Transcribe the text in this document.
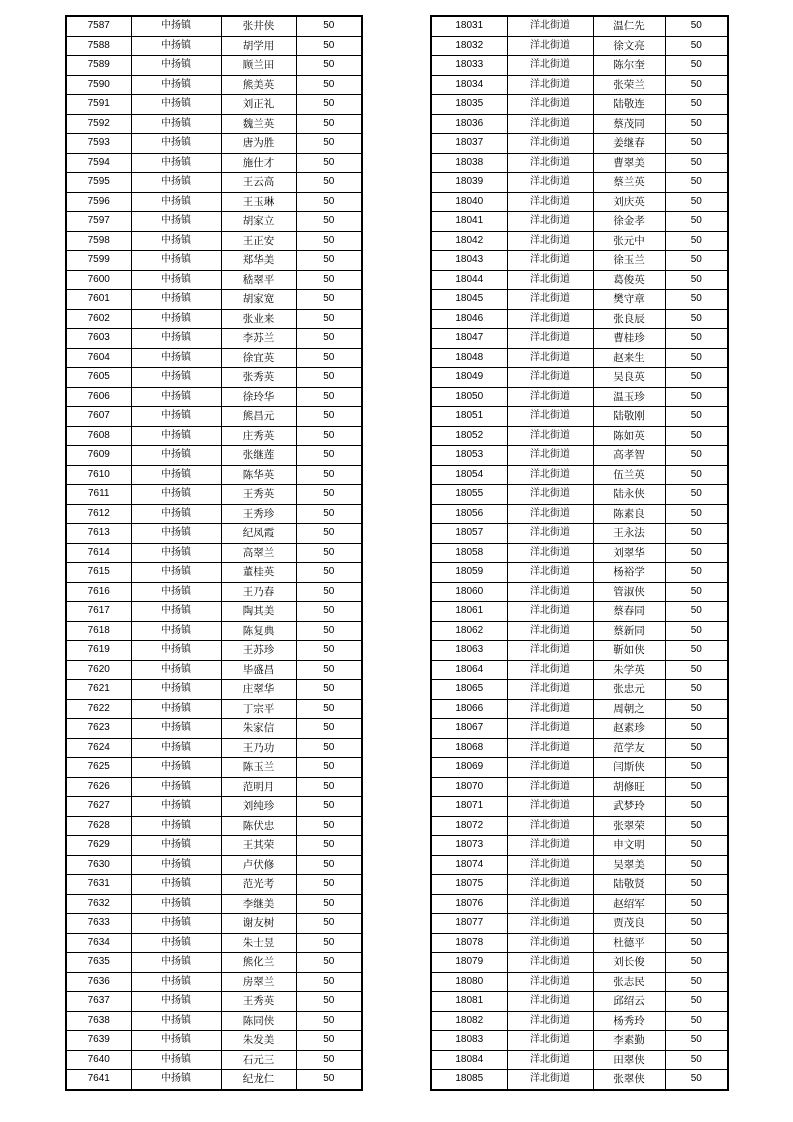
7587	中扬镇	张井侠	50
7588	中扬镇	胡学用	50
7589	中扬镇	顾兰田	50
7590	中扬镇	熊美英	50
7591	中扬镇	刘正礼	50
7592	中扬镇	魏兰英	50
7593	中扬镇	唐为胜	50
7594	中扬镇	施仕才	50
7595	中扬镇	王云高	50
7596	中扬镇	王玉琳	50
7597	中扬镇	胡家立	50
7598	中扬镇	王正安	50
7599	中扬镇	郑华美	50
7600	中扬镇	嵇翠平	50
7601	中扬镇	胡家宽	50
7602	中扬镇	张业来	50
7603	中扬镇	李苏兰	50
7604	中扬镇	徐宜英	50
7605	中扬镇	张秀英	50
7606	中扬镇	徐玲华	50
7607	中扬镇	熊昌元	50
7608	中扬镇	庄秀英	50
7609	中扬镇	张继莲	50
7610	中扬镇	陈华英	50
7611	中扬镇	王秀英	50
7612	中扬镇	王秀珍	50
7613	中扬镇	纪凤霞	50
7614	中扬镇	高翠兰	50
7615	中扬镇	董桂英	50
7616	中扬镇	王乃春	50
7617	中扬镇	陶其美	50
7618	中扬镇	陈复典	50
7619	中扬镇	王苏珍	50
7620	中扬镇	毕盛昌	50
7621	中扬镇	庄翠华	50
7622	中扬镇	丁宗平	50
7623	中扬镇	朱家信	50
7624	中扬镇	王乃功	50
7625	中扬镇	陈玉兰	50
7626	中扬镇	范明月	50
7627	中扬镇	刘纯珍	50
7628	中扬镇	陈伏忠	50
7629	中扬镇	王其荣	50
7630	中扬镇	卢伏修	50
7631	中扬镇	范光考	50
7632	中扬镇	李继美	50
7633	中扬镇	谢友树	50
7634	中扬镇	朱士昱	50
7635	中扬镇	熊化兰	50
7636	中扬镇	房翠兰	50
7637	中扬镇	王秀英	50
7638	中扬镇	陈同侠	50
7639	中扬镇	朱发美	50
7640	中扬镇	石元三	50
7641	中扬镇	纪龙仁	50
18031	洋北街道	温仁先	50
18032	洋北街道	徐文亮	50
18033	洋北街道	陈尔奎	50
18034	洋北街道	张荣兰	50
18035	洋北街道	陆敬连	50
18036	洋北街道	蔡茂同	50
18037	洋北街道	姜继春	50
18038	洋北街道	曹翠美	50
18039	洋北街道	蔡兰英	50
18040	洋北街道	刘庆英	50
18041	洋北街道	徐金孝	50
18042	洋北街道	张元中	50
18043	洋北街道	徐玉兰	50
18044	洋北街道	葛俊英	50
18045	洋北街道	樊守章	50
18046	洋北街道	张良辰	50
18047	洋北街道	曹桂珍	50
18048	洋北街道	赵来生	50
18049	洋北街道	吴良英	50
18050	洋北街道	温玉珍	50
18051	洋北街道	陆敬刚	50
18052	洋北街道	陈如英	50
18053	洋北街道	高孝智	50
18054	洋北街道	伍兰英	50
18055	洋北街道	陆永侠	50
18056	洋北街道	陈素良	50
18057	洋北街道	王永法	50
18058	洋北街道	刘翠华	50
18059	洋北街道	杨裕学	50
18060	洋北街道	管淑侠	50
18061	洋北街道	蔡春同	50
18062	洋北街道	蔡新同	50
18063	洋北街道	靳如侠	50
18064	洋北街道	朱学英	50
18065	洋北街道	张忠元	50
18066	洋北街道	周朝之	50
18067	洋北街道	赵素珍	50
18068	洋北街道	范学友	50
18069	洋北街道	闫斯侠	50
18070	洋北街道	胡修旺	50
18071	洋北街道	武梦玲	50
18072	洋北街道	张翠荣	50
18073	洋北街道	申文明	50
18074	洋北街道	吴翠美	50
18075	洋北街道	陆敬贤	50
18076	洋北街道	赵绍军	50
18077	洋北街道	贾茂良	50
18078	洋北街道	杜德平	50
18079	洋北街道	刘长俊	50
18080	洋北街道	张志民	50
18081	洋北街道	邱绍云	50
18082	洋北街道	杨秀玲	50
18083	洋北街道	李素勤	50
18084	洋北街道	田翠侠	50
18085	洋北街道	张翠侠	50
